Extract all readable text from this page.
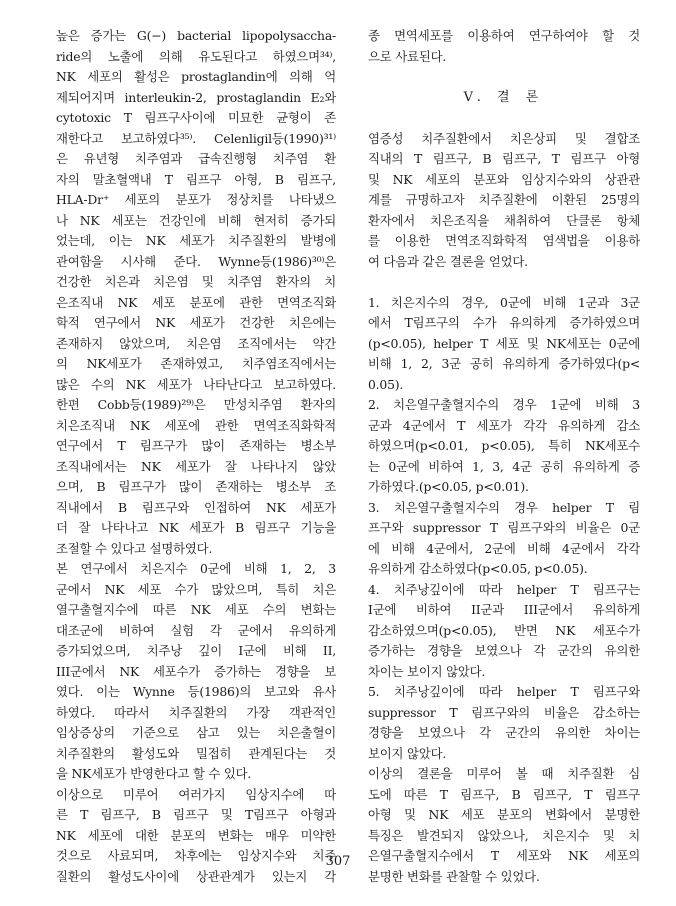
높은 증가는 G(−) bacterial lipopolysaccha-
ride의 노출에 의해 유도된다고 하였으며³⁴⁾,
NK 세포의 활성은 prostaglandin에 의해 억
제되어지며 interleukin-2, prostaglandin E₂와
cytotoxic T 림프구사이에 미묘한 균형이 존
재한다고 보고하였다³⁵⁾. Celenligil등(1990)³¹⁾
은 유년형 치주염과 급속진행형 치주염 환
자의 말초혈액내 T 림프구 아형, B 림프구,
HLA-Dr⁺ 세포의 분포가 정상치를 나타냈으
나 NK 세포는 건강인에 비해 현저히 증가되
었는데, 이는 NK 세포가 치주질환의 발병에
관여함을 시사해 준다. Wynne등(1986)³⁰⁾은
건강한 치은과 치은염 및 치주염 환자의 치
은조직내 NK 세포 분포에 관한 면역조직화
학적 연구에서 NK 세포가 건강한 치은에는
존재하지 않았으며, 치은염 조직에서는 약간
의 NK세포가 존재하였고, 치주염조직에서는
많은 수의 NK 세포가 나타난다고 보고하였다.
한편 Cobb등(1989)²⁹⁾은 만성치주염 환자의
치은조직내 NK 세포에 관한 면역조직화학적
연구에서 T 림프구가 많이 존재하는 병소부
조직내에서는 NK 세포가 잘 나타나지 않았
으며, B 림프구가 많이 존재하는 병소부 조
직내에서 B 림프구와 인접하여 NK 세포가
더 잘 나타나고 NK 세포가 B 림프구 기능을
조절할 수 있다고 설명하였다.
본 연구에서 치은지수 0군에 비해 1, 2, 3
군에서 NK 세포 수가 많았으며, 특히 치은
열구출혈지수에 따른 NK 세포 수의 변화는
대조군에 비하여 실험 각 군에서 유의하게
증가되었으며, 치주낭 깊이 I군에 비해 II,
III군에서 NK 세포수가 증가하는 경향을 보
였다. 이는 Wynne 등(1986)의 보고와 유사
하였다. 따라서 치주질환의 가장 객관적인
임상증상의 기준으로 삼고 있는 치은출혈이
치주질환의 활성도와 밀접히 관계된다는 것
을 NK세포가 반영한다고 할 수 있다.
이상으로 미루어 여러가지 임상지수에 따
른 T 림프구, B 림프구 및 T림프구 아형과
NK 세포에 대한 분포의 변화는 매우 미약한
것으로 사료되며, 차후에는 임상지수와 치주
질환의 활성도사이에 상관관계가 있는지 각
종 면역세포를 이용하여 연구하여야 할 것
으로 사료된다.
V. 결 론
염증성 치주질환에서 치은상피 및 결합조
직내의 T 림프구, B 림프구, T 림프구 아형
및 NK 세포의 분포와 임상지수와의 상관관
계를 규명하고자 치주질환에 이환된 25명의
환자에서 치은조직을 채취하여 단클론 항체
를 이용한 면역조직화학적 염색법을 이용하
여 다음과 같은 결론을 얻었다.
1. 치은지수의 경우, 0군에 비해 1군과 3군
에서 T림프구의 수가 유의하게 증가하였으며
(p<0.05), helper T 세포 및 NK세포는 0군에
비해 1, 2, 3군 공히 유의하게 증가하였다(p<
0.05).
2. 치은열구출혈지수의 경우 1군에 비해 3
군과 4군에서 T 세포가 각각 유의하게 감소
하였으며(p<0.01, p<0.05), 특히 NK세포수
는 0군에 비하여 1, 3, 4군 공히 유의하게 증
가하였다.(p<0.05, p<0.01).
3. 치은열구출혈지수의 경우 helper T 림
프구와 suppressor T 림프구와의 비율은 0군
에 비해 4군에서, 2군에 비해 4군에서 각각
유의하게 감소하였다(p<0.05, p<0.05).
4. 치주낭깊이에 따라 helper T 림프구는
I군에 비하여 II군과 III군에서 유의하게
감소하였으며(p<0.05), 반면 NK 세포수가
증가하는 경향을 보였으나 각 군간의 유의한
차이는 보이지 않았다.
5. 치주낭깊이에 따라 helper T 림프구와
suppressor T 림프구와의 비율은 감소하는
경향을 보였으나 각 군간의 유의한 차이는
보이지 않았다.
이상의 결론을 미루어 볼 때 치주질환 심
도에 따른 T 림프구, B 림프구, T 림프구
아형 및 NK 세포 분포의 변화에서 분명한
특징은 발견되지 않았으나, 치은지수 및 치
은열구출혈지수에서 T 세포와 NK 세포의
분명한 변화를 관찰할 수 있었다.
307
